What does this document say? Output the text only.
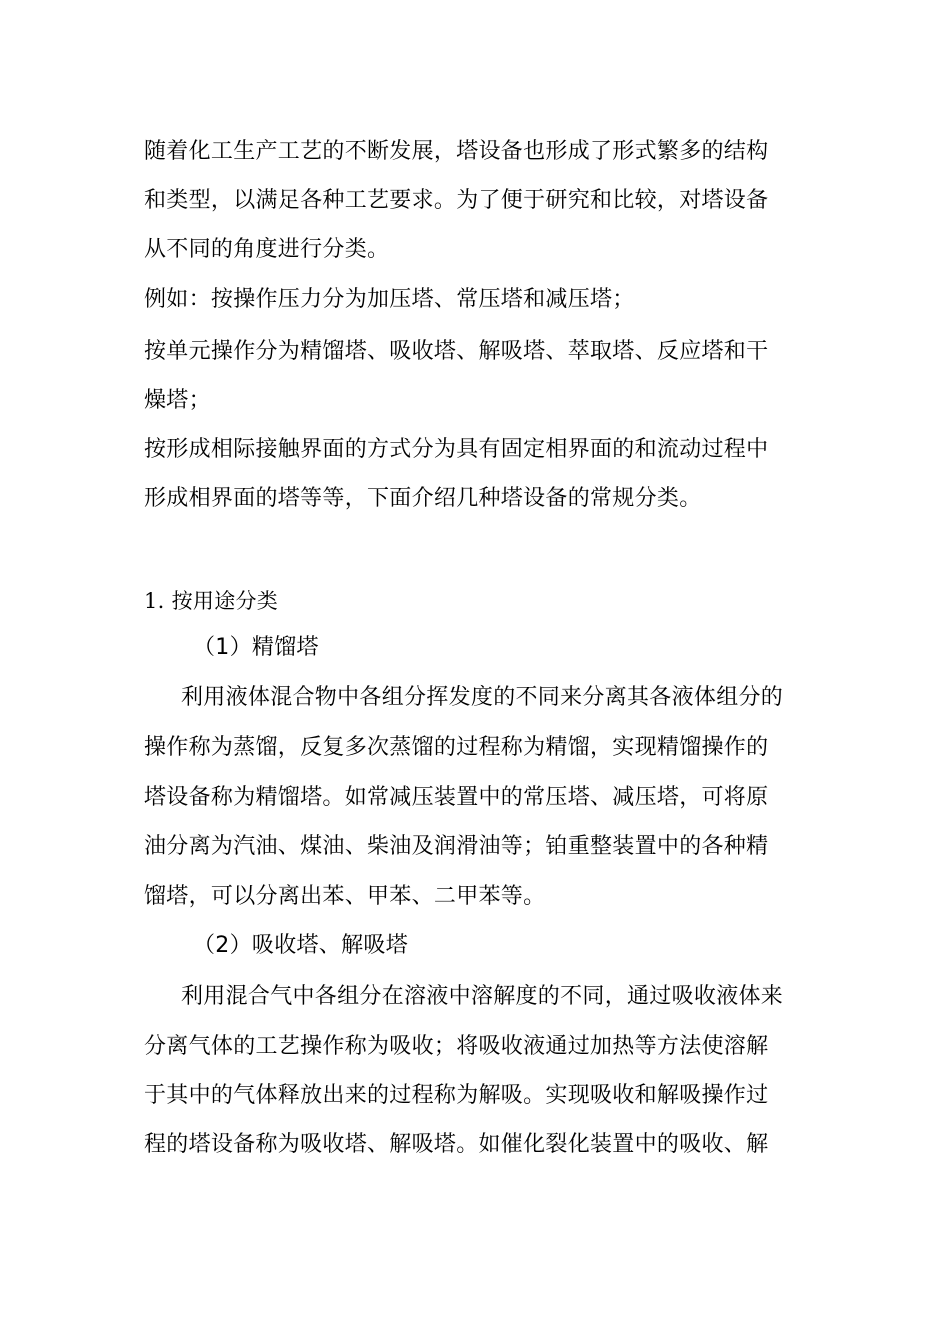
随着化工生产工艺的不断发展，塔设备也形成了形式繁多的结构
和类型，以满足各种工艺要求。为了便于研究和比较，对塔设备
从不同的角度进行分类。
例如：按操作压力分为加压塔、常压塔和减压塔；
按单元操作分为精馏塔、吸收塔、解吸塔、萃取塔、反应塔和干
燥塔；
按形成相际接触界面的方式分为具有固定相界面的和流动过程中
形成相界面的塔等等，下面介绍几种塔设备的常规分类。
1. 按用途分类
（1）精馏塔
利用液体混合物中各组分挥发度的不同来分离其各液体组分的
操作称为蒸馏，反复多次蒸馏的过程称为精馏，实现精馏操作的
塔设备称为精馏塔。如常减压装置中的常压塔、减压塔，可将原
油分离为汽油、煤油、柴油及润滑油等；铂重整装置中的各种精
馏塔，可以分离出苯、甲苯、二甲苯等。
（2）吸收塔、解吸塔
利用混合气中各组分在溶液中溶解度的不同，通过吸收液体来
分离气体的工艺操作称为吸收；将吸收液通过加热等方法使溶解
于其中的气体释放出来的过程称为解吸。实现吸收和解吸操作过
程的塔设备称为吸收塔、解吸塔。如催化裂化装置中的吸收、解
